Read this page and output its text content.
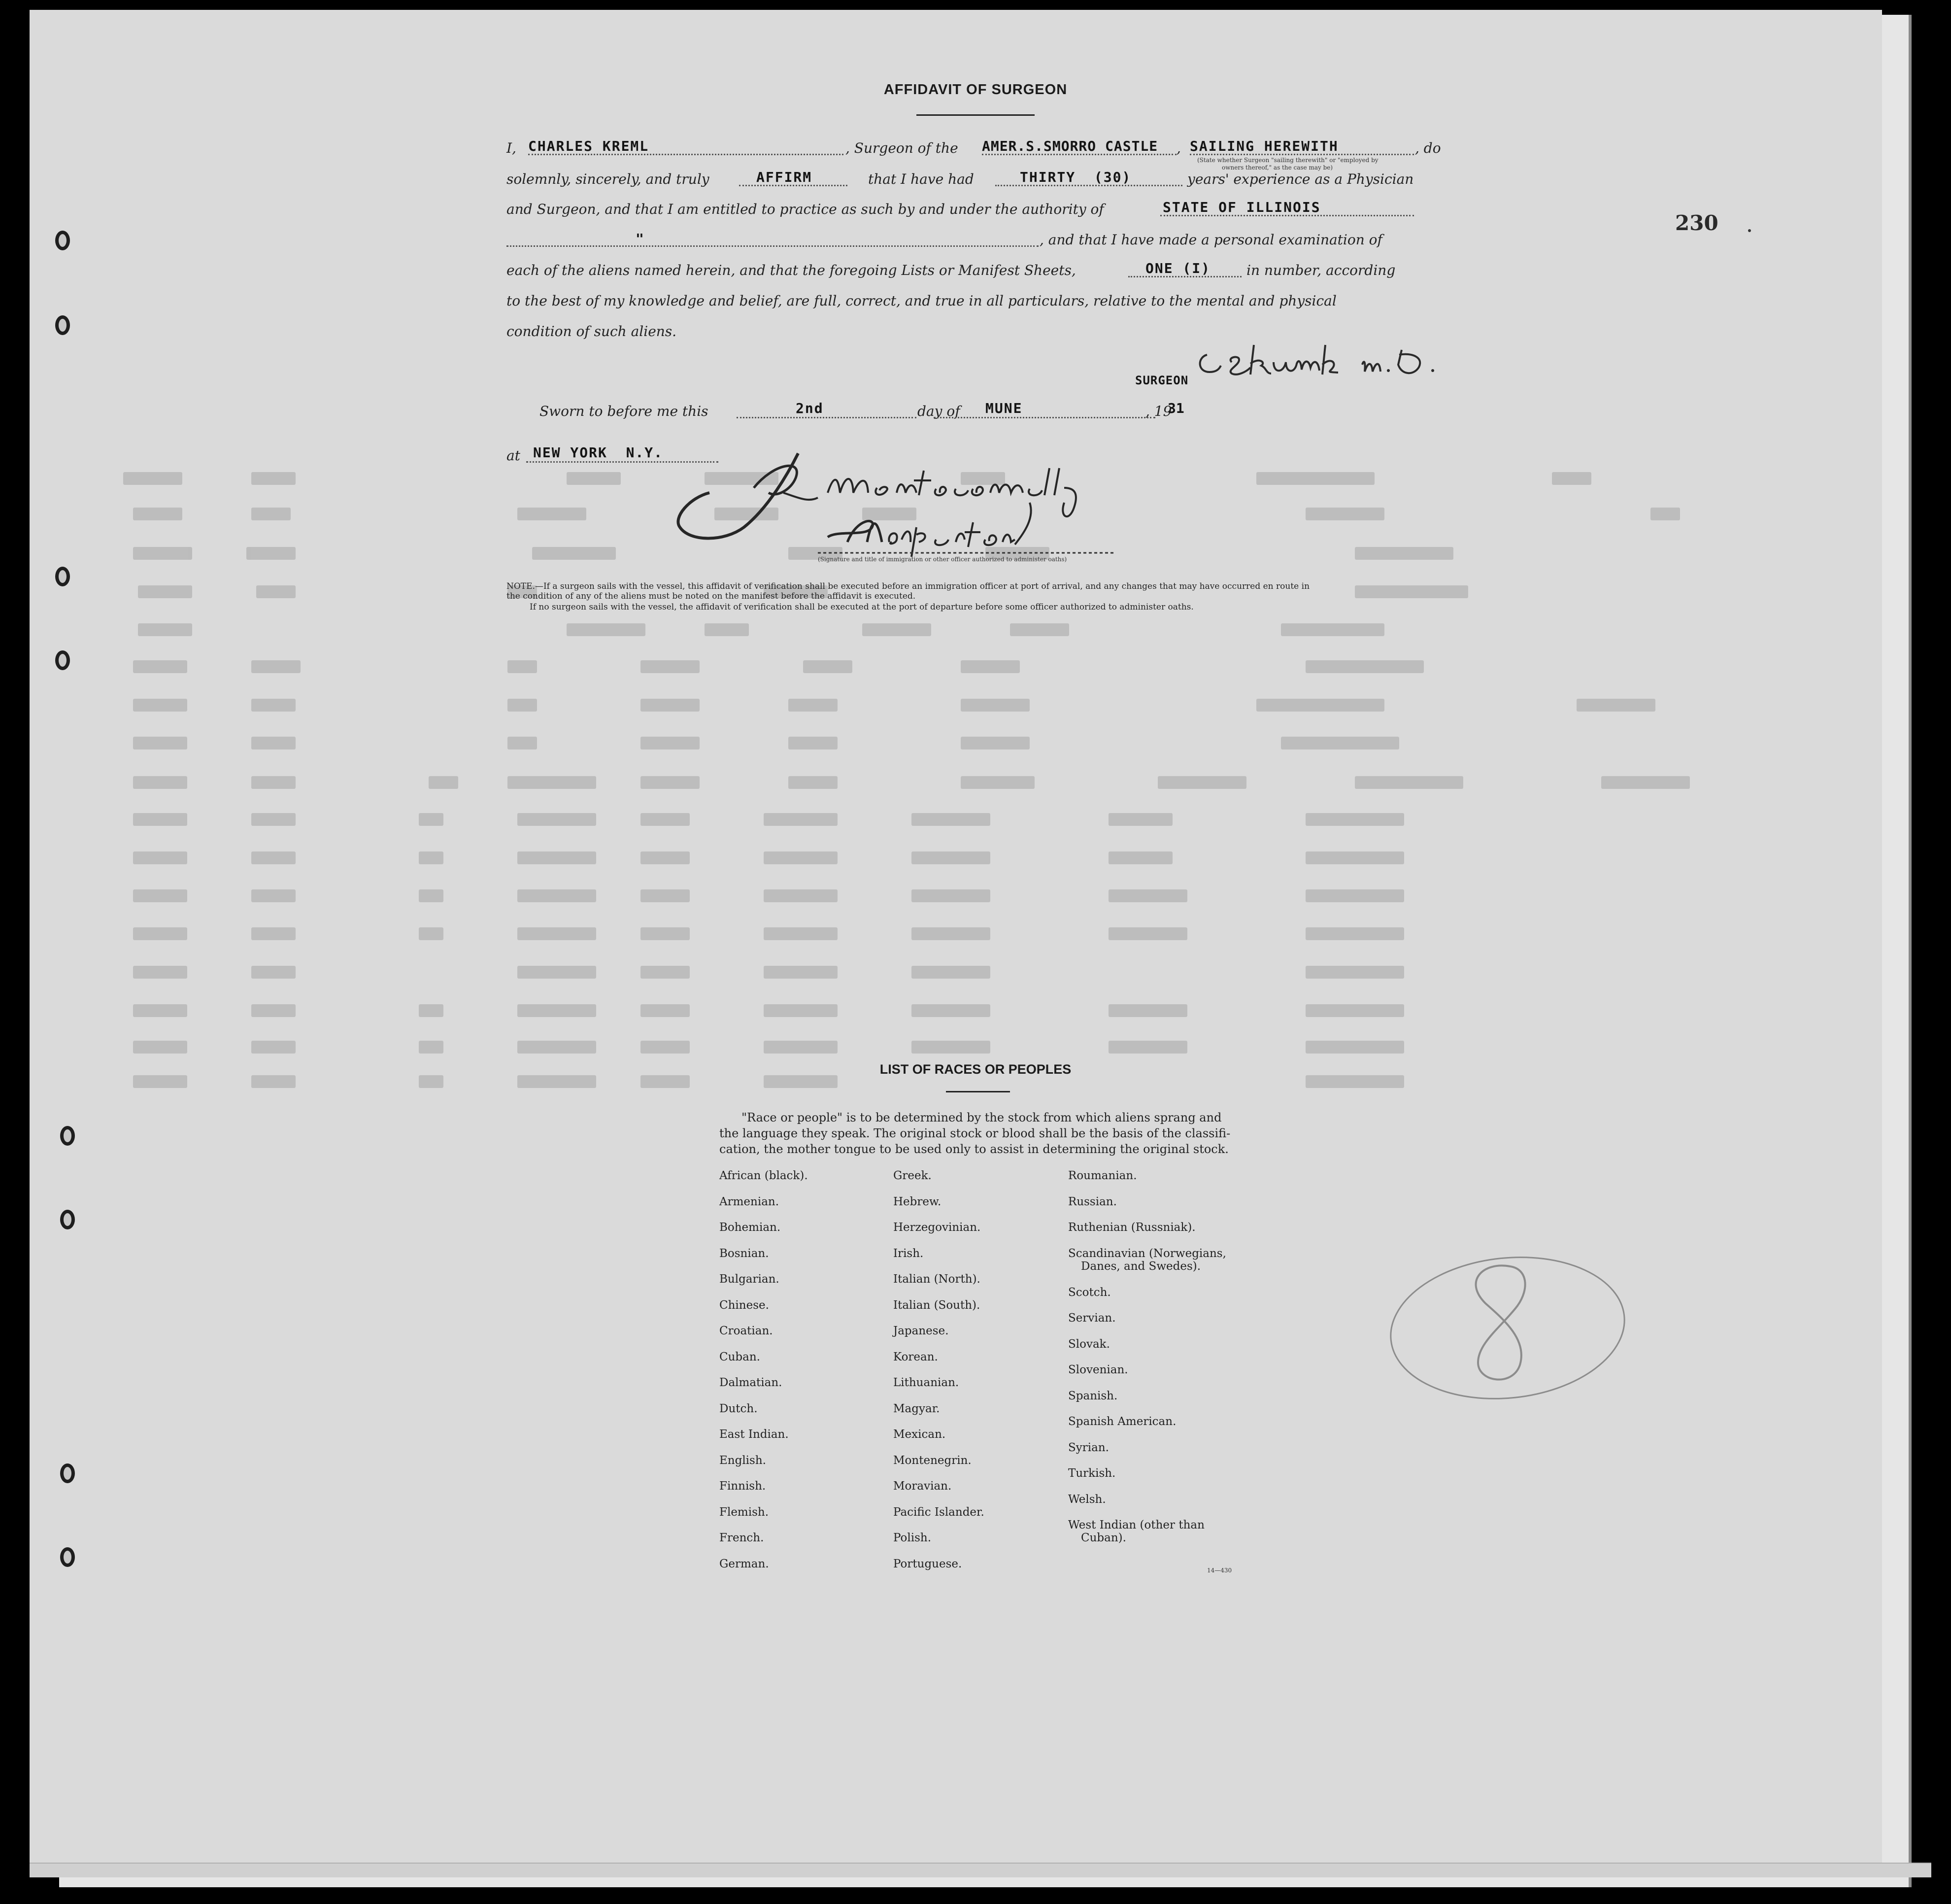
AFFIDAVIT OF SURGEON
I, CHARLES KREML	, Surgeon of the AMER.S.SMORRO CASTLE , SAILING HEREWITH	, do
(State whether Surgeon "sailing therewith" or "employed by
owners thereof," as the case may be)
solemnly, sincerely, and truly	AFFIRM	that I have had	THIRTY  (30)	years' experience as a Physician
and Surgeon, and that I am entitled to practice as such by and under the authority of	STATE OF ILLINOIS
"	, and that I have made a personal examination of
each of the aliens named herein, and that the foregoing Lists or Manifest Sheets,	ONE (I)	in number, according
to the best of my knowledge and belief, are full, correct, and true in all particulars, relative to the mental and physical
condition of such aliens.
SURGEON
Sworn to before me this	2nd	day of MUNE	, 19
31
at NEW YORK  N.Y.
(Signature and title of immigration or other officer authorized to administer oaths)
NOTE.—If a surgeon sails with the vessel, this affidavit of verification shall be executed before an immigration officer at port of arrival, and any changes that may have occurred en route in
the condition of any of the aliens must be noted on the manifest before the affidavit is executed.
If no surgeon sails with the vessel, the affidavit of verification shall be executed at the port of departure before some officer authorized to administer oaths.
230
LIST OF RACES OR PEOPLES
"Race or people" is to be determined by the stock from which aliens sprang and
the language they speak. The original stock or blood shall be the basis of the classifi-
cation, the mother tongue to be used only to assist in determining the original stock.
African (black).
Armenian.
Bohemian.
Bosnian.
Bulgarian.
Chinese.
Croatian.
Cuban.
Dalmatian.
Dutch.
East Indian.
English.
Finnish.
Flemish.
French.
German.
Greek.
Hebrew.
Herzegovinian.
Irish.
Italian (North).
Italian (South).
Japanese.
Korean.
Lithuanian.
Magyar.
Mexican.
Montenegrin.
Moravian.
Pacific Islander.
Polish.
Portuguese.
Roumanian.
Russian.
Ruthenian (Russniak).
Scandinavian (Norwegians,
Danes, and Swedes).
Scotch.
Servian.
Slovak.
Slovenian.
Spanish.
Spanish American.
Syrian.
Turkish.
Welsh.
West Indian (other than
Cuban).
14—430
8
